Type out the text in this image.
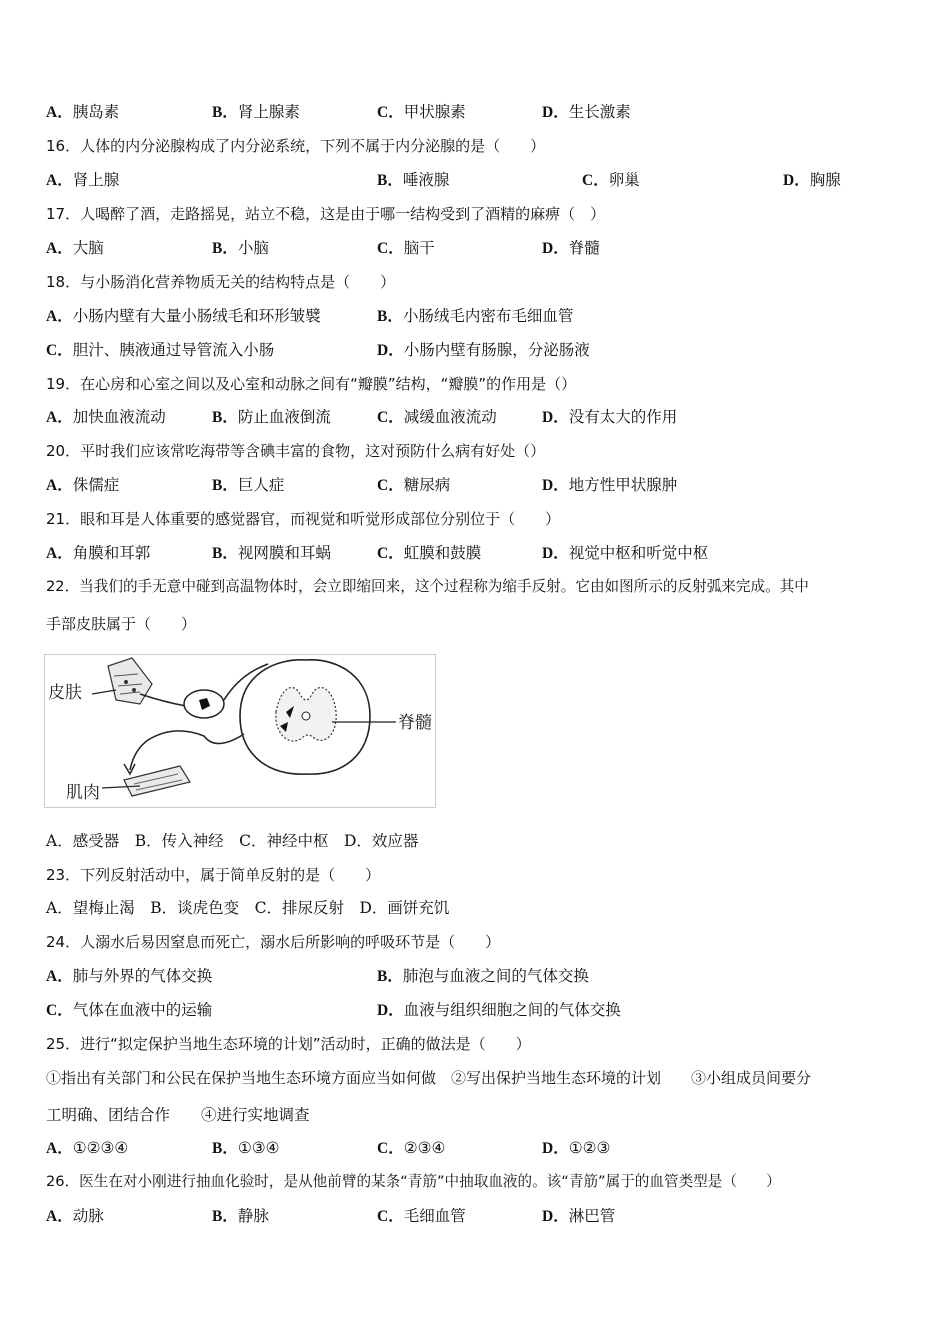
A．胰岛素	B．肾上腺素	C．甲状腺素	D．生长激素
16．人体的内分泌腺构成了内分泌系统，下列不属于内分泌腺的是（　　）
A．肾上腺	B．唾液腺	C．卵巢	D．胸腺
17．人喝醉了酒，走路摇晃，站立不稳，这是由于哪一结构受到了酒精的麻痹（　）
A．大脑	B．小脑	C．脑干	D．脊髓
18．与小肠消化营养物质无关的结构特点是（　　）
A．小肠内壁有大量小肠绒毛和环形皱襞	B．小肠绒毛内密布毛细血管
C．胆汁、胰液通过导管流入小肠	D．小肠内壁有肠腺，分泌肠液
19．在心房和心室之间以及心室和动脉之间有“瓣膜”结构，“瓣膜”的作用是（）
A．加快血液流动	B．防止血液倒流	C．减缓血液流动	D．没有太大的作用
20．平时我们应该常吃海带等含碘丰富的食物，这对预防什么病有好处（）
A．侏儒症	B．巨人症	C．糖尿病	D．地方性甲状腺肿
21．眼和耳是人体重要的感觉器官，而视觉和听觉形成部位分别位于（　　）
A．角膜和耳郭	B．视网膜和耳蜗	C．虹膜和鼓膜	D．视觉中枢和听觉中枢
22．当我们的手无意中碰到高温物体时，会立即缩回来，这个过程称为缩手反射。它由如图所示的反射弧来完成。其中
手部皮肤属于（　　）
皮肤
脊髓
肌肉
A．感受器　B．传入神经　C．神经中枢　D．效应器
23．下列反射活动中，属于简单反射的是（　　）
A．望梅止渴　B．谈虎色变　C．排尿反射　D．画饼充饥
24．人溺水后易因窒息而死亡，溺水后所影响的呼吸环节是（　　）
A．肺与外界的气体交换	B．肺泡与血液之间的气体交换
C．气体在血液中的运输	D．血液与组织细胞之间的气体交换
25．进行“拟定保护当地生态环境的计划”活动时，正确的做法是（　　）
①指出有关部门和公民在保护当地生态环境方面应当如何做　②写出保护当地生态环境的计划　　③小组成员间要分
工明确、团结合作　　④进行实地调查
A．①②③④	B．①③④	C．②③④	D．①②③
26．医生在对小刚进行抽血化验时，是从他前臂的某条“青筋”中抽取血液的。该“青筋”属于的血管类型是（　　）
A．动脉	B．静脉	C．毛细血管	D．淋巴管
